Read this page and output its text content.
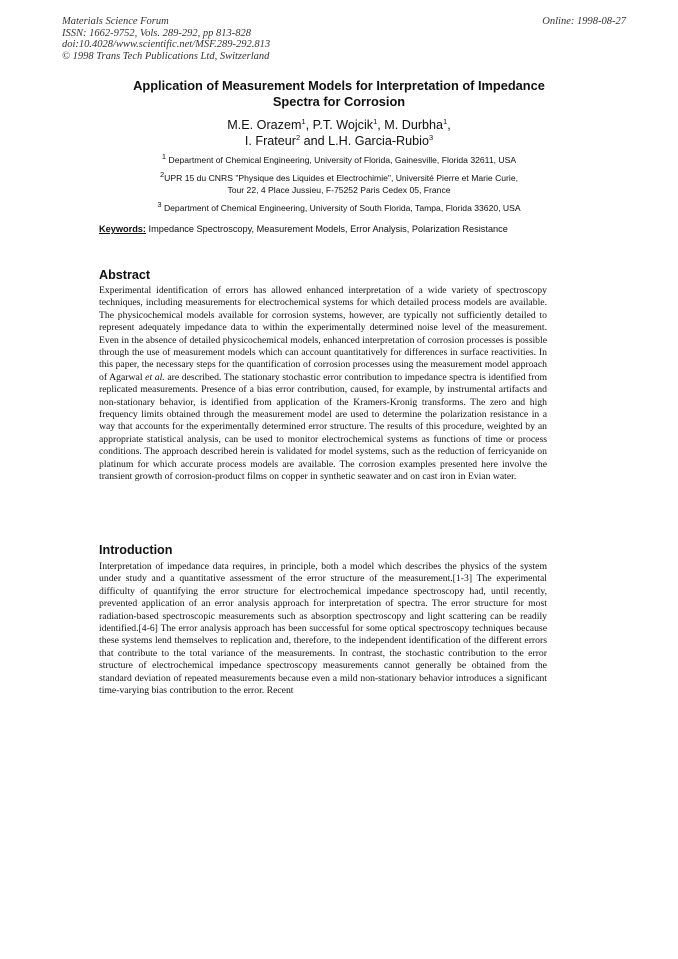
Materials Science Forum
ISSN: 1662-9752, Vols. 289-292, pp 813-828
doi:10.4028/www.scientific.net/MSF.289-292.813
© 1998 Trans Tech Publications Ltd, Switzerland
Online: 1998-08-27
Application of Measurement Models for Interpretation of Impedance
Spectra for Corrosion
M.E. Orazem$^1$, P.T. Wojcik$^1$, M. Durbha$^1$,
I. Frateur$^2$ and L.H. Garcia-Rubio$^3$
$^1$ Department of Chemical Engineering, University of Florida, Gainesville, Florida 32611, USA
$^2$UPR 15 du CNRS "Physique des Liquides et Electrochimie", Université Pierre et Marie Curie,
Tour 22, 4 Place Jussieu, F-75252 Paris Cedex 05, France
$^3$ Department of Chemical Engineering, University of South Florida, Tampa, Florida 33620, USA
Keywords: Impedance Spectroscopy, Measurement Models, Error Analysis, Polarization Resistance
Abstract
Experimental identification of errors has allowed enhanced interpretation of a wide variety of spectroscopy techniques, including measurements for electrochemical systems for which detailed process models are available. The physicochemical models available for corrosion systems, however, are typically not sufficiently detailed to represent adequately impedance data to within the experimentally determined noise level of the measurement. Even in the absence of detailed physicochemical models, enhanced interpretation of corrosion processes is possible through the use of measurement models which can account quantitatively for differences in surface reactivities. In this paper, the necessary steps for the quantification of corrosion processes using the measurement model approach of Agarwal et al. are described. The stationary stochastic error contribution to impedance spectra is identified from replicated measurements. Presence of a bias error contribution, caused, for example, by instrumental artifacts and non-stationary behavior, is identified from application of the Kramers-Kronig transforms. The zero and high frequency limits obtained through the measurement model are used to determine the polarization resistance in a way that accounts for the experimentally determined error structure. The results of this procedure, weighted by an appropriate statistical analysis, can be used to monitor electrochemical systems as functions of time or process conditions. The approach described herein is validated for model systems, such as the reduction of ferricyanide on platinum for which accurate process models are available. The corrosion examples presented here involve the transient growth of corrosion-product films on copper in synthetic seawater and on cast iron in Evian water.
Introduction
Interpretation of impedance data requires, in principle, both a model which describes the physics of the system under study and a quantitative assessment of the error structure of the measurement.[1-3] The experimental difficulty of quantifying the error structure for electrochemical impedance spectroscopy had, until recently, prevented application of an error analysis approach for interpretation of spectra. The error structure for most radiation-based spectroscopic measurements such as absorption spectroscopy and light scattering can be readily identified.[4-6] The error analysis approach has been successful for some optical spectroscopy techniques because these systems lend themselves to replication and, therefore, to the independent identification of the different errors that contribute to the total variance of the measurements. In contrast, the stochastic contribution to the error structure of electrochemical impedance spectroscopy measurements cannot generally be obtained from the standard deviation of repeated measurements because even a mild non-stationary behavior introduces a significant time-varying bias contribution to the error. Recent
